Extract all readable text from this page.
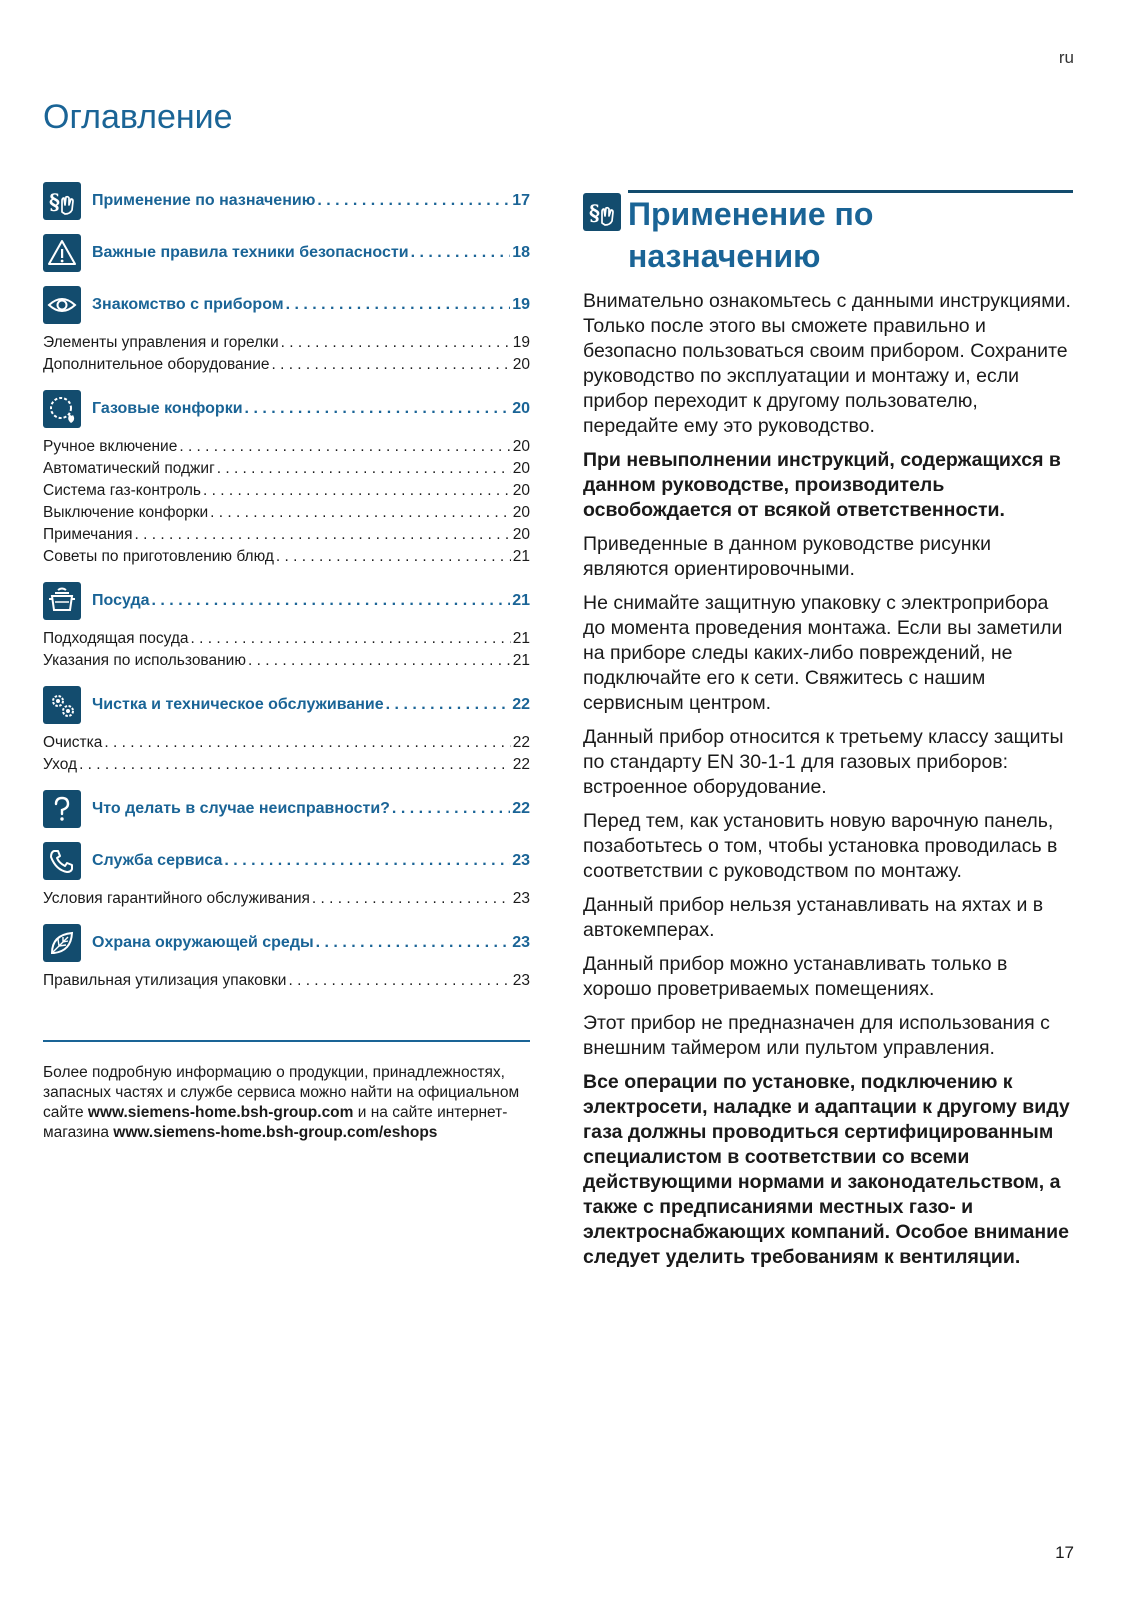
ru
Оглавление
§ Применение по назначению . . .	17
Важные правила техники безопасности . . .	18
Знакомство с прибором . . .	19
Элементы управления и горелки . . .	19
Дополнительное оборудование . . .	20
Газовые конфорки . . .	20
Ручное включение . . .	20
Автоматический поджиг . . .	20
Система газ-контроль . . .	20
Выключение конфорки . . .	20
Примечания . . .	20
Советы по приготовлению блюд . . .	21
Посуда . . .	21
Подходящая посуда . . .	21
Указания по использованию . . .	21
Чистка и техническое обслуживание . . .	22
Очистка . . .	22
Уход . . .	22
Что делать в случае неисправности? . . .	22
Служба сервиса . . .	23
Условия гарантийного обслуживания . . .	23
Охрана окружающей среды . . .	23
Правильная утилизация упаковки . . .	23

Более подробную информацию о продукции, принадлежностях, запасных частях и службе сервиса можно найти на официальном сайте www.siemens-home.bsh-group.com и на сайте интернет-магазина www.siemens-home.bsh-group.com/eshops

§ Применение по назначению

Внимательно ознакомьтесь с данными инструкциями. Только после этого вы сможете правильно и безопасно пользоваться своим прибором. Сохраните руководство по эксплуатации и монтажу и, если прибор переходит к другому пользователю, передайте ему это руководство.

При невыполнении инструкций, содержащихся в данном руководстве, производитель освобождается от всякой ответственности.

Приведенные в данном руководстве рисунки являются ориентировочными.

Не снимайте защитную упаковку с электроприбора до момента проведения монтажа. Если вы заметили на приборе следы каких-либо повреждений, не подключайте его к сети. Свяжитесь с нашим сервисным центром.

Данный прибор относится к третьему классу защиты по стандарту EN 30-1-1 для газовых приборов: встроенное оборудование.

Перед тем, как установить новую варочную панель, позаботьтесь о том, чтобы установка проводилась в соответствии с руководством по монтажу.

Данный прибор нельзя устанавливать на яхтах и в автокемперах.

Данный прибор можно устанавливать только в хорошо проветриваемых помещениях.

Этот прибор не предназначен для использования с внешним таймером или пультом управления.

Все операции по установке, подключению к электросети, наладке и адаптации к другому виду газа должны проводиться сертифицированным специалистом в соответствии со всеми действующими нормами и законодательством, а также с предписаниями местных газо- и электроснабжающих компаний. Особое внимание следует уделить требованиям к вентиляции.

17
